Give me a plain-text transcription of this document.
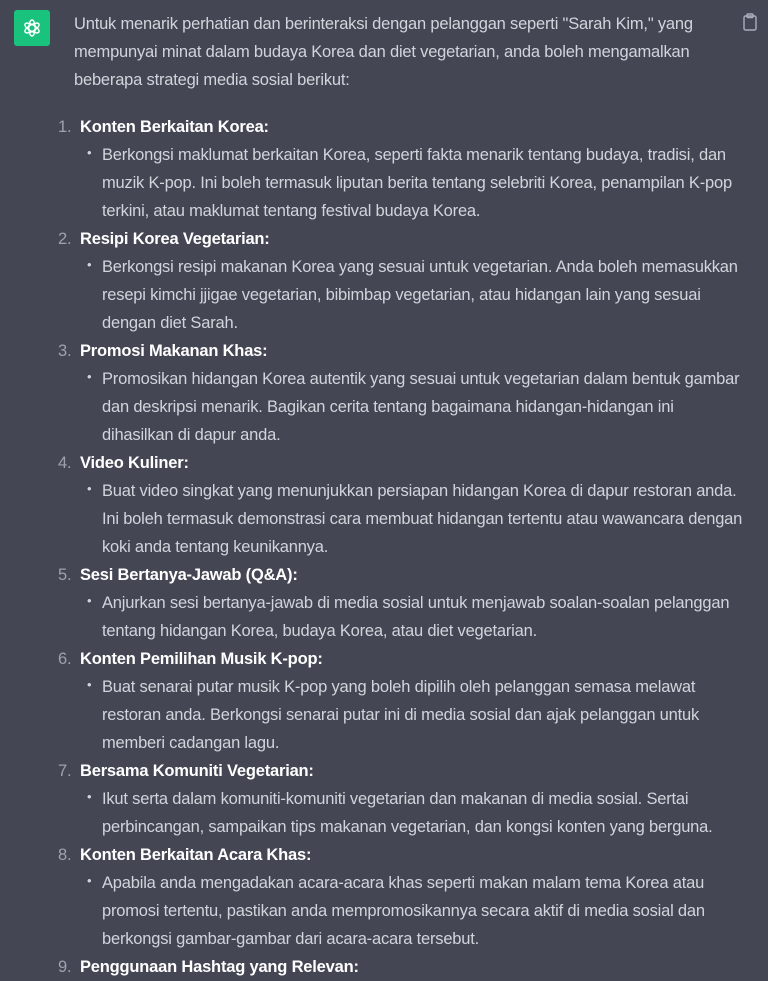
Untuk menarik perhatian dan berinteraksi dengan pelanggan seperti "Sarah Kim," yang mempunyai minat dalam budaya Korea dan diet vegetarian, anda boleh mengamalkan beberapa strategi media sosial berikut:

1. Konten Berkaitan Korea:
• Berkongsi maklumat berkaitan Korea, seperti fakta menarik tentang budaya, tradisi, dan muzik K-pop. Ini boleh termasuk liputan berita tentang selebriti Korea, penampilan K-pop terkini, atau maklumat tentang festival budaya Korea.
2. Resipi Korea Vegetarian:
• Berkongsi resipi makanan Korea yang sesuai untuk vegetarian. Anda boleh memasukkan resepi kimchi jjigae vegetarian, bibimbap vegetarian, atau hidangan lain yang sesuai dengan diet Sarah.
3. Promosi Makanan Khas:
• Promosikan hidangan Korea autentik yang sesuai untuk vegetarian dalam bentuk gambar dan deskripsi menarik. Bagikan cerita tentang bagaimana hidangan-hidangan ini dihasilkan di dapur anda.
4. Video Kuliner:
• Buat video singkat yang menunjukkan persiapan hidangan Korea di dapur restoran anda. Ini boleh termasuk demonstrasi cara membuat hidangan tertentu atau wawancara dengan koki anda tentang keunikannya.
5. Sesi Bertanya-Jawab (Q&A):
• Anjurkan sesi bertanya-jawab di media sosial untuk menjawab soalan-soalan pelanggan tentang hidangan Korea, budaya Korea, atau diet vegetarian.
6. Konten Pemilihan Musik K-pop:
• Buat senarai putar musik K-pop yang boleh dipilih oleh pelanggan semasa melawat restoran anda. Berkongsi senarai putar ini di media sosial dan ajak pelanggan untuk memberi cadangan lagu.
7. Bersama Komuniti Vegetarian:
• Ikut serta dalam komuniti-komuniti vegetarian dan makanan di media sosial. Sertai perbincangan, sampaikan tips makanan vegetarian, dan kongsi konten yang berguna.
8. Konten Berkaitan Acara Khas:
• Apabila anda mengadakan acara-acara khas seperti makan malam tema Korea atau promosi tertentu, pastikan anda mempromosikannya secara aktif di media sosial dan berkongsi gambar-gambar dari acara-acara tersebut.
9. Penggunaan Hashtag yang Relevan:
